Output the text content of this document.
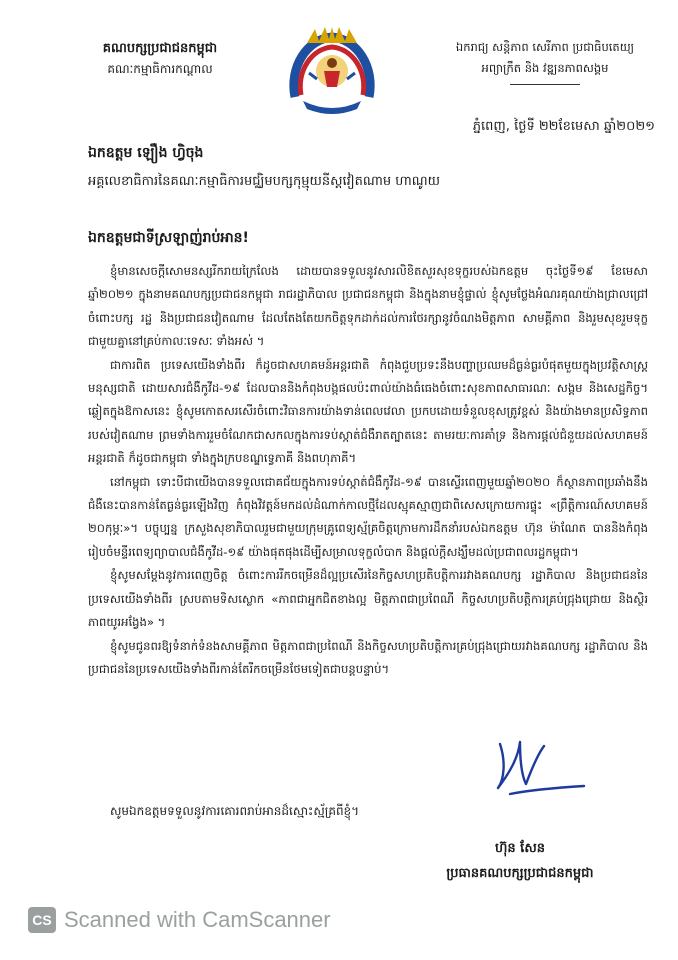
គណបក្សប្រជាជនកម្ពុជា
គណៈកម្មាធិការកណ្ដាល
ឯករាជ្យ សន្តិភាព សេរីភាព ប្រជាធិបតេយ្យ
អព្យាក្រឹត និង វឌ្ឍនភាពសង្គម
ភ្នំពេញ, ថ្ងៃទី ២២ខែមេសា ឆ្នាំ២០២១
ឯកឧត្តម ឡឿង ហ្វិចុង
អគ្គលេខាធិការនៃគណៈកម្មាធិការមជ្ឈិមបក្សកុម្មុយនីស្តវៀតណាម ហាណូយ
ឯកឧត្តមជាទីស្រឡាញ់រាប់អាន!

ខ្ញុំមានសេចក្តីសោមនស្សរីករាយក្រៃលែង ដោយបានទទួលនូវសារលិខិតសួរសុខទុក្ខរបស់ឯកឧត្តម ចុះថ្ងៃទី១៩ ខែមេសា ឆ្នាំ២០២១ ក្នុងនាមគណបក្សប្រជាជនកម្ពុជា រាជរដ្ឋាភិបាល ប្រជាជនកម្ពុជា និងក្នុងនាមខ្ញុំផ្ទាល់ ខ្ញុំសូមថ្លែងអំណរគុណយ៉ាងជ្រាលជ្រៅចំពោះបក្ស រដ្ឋ និងប្រជាជនវៀតណាម ដែលតែងតែយកចិត្តទុកដាក់ដល់ការថែរក្សានូវចំណងមិត្តភាព សាមគ្គីភាព និងរួមសុខរួមទុក្ខជាមួយគ្នានៅគ្រប់កាលៈទេសៈ ទាំងអស់ ។

ជាការពិត ប្រទេសយើងទាំងពីរ ក៏ដូចជាសហគមន៍អន្តរជាតិ កំពុងជួបប្រទះនឹងបញ្ហាប្រឈមដ៏ធ្ងន់ធ្ងរបំផុតមួយក្នុងប្រវត្តិសាស្ត្រមនុស្សជាតិ ដោយសារជំងឺកូវីដ-១៩ ដែលបាននិងកំពុងបង្កផលប៉ះពាល់យ៉ាងធំធេងចំពោះសុខភាពសាធារណៈ សង្គម និងសេដ្ឋកិច្ច។ ឆ្លៀតក្នុងឱកាសនេះ ខ្ញុំសូមកោតសរសើរចំពោះវិធានការយ៉ាងទាន់ពេលវេលា ប្រកបដោយទំនួលខុសត្រូវខ្ពស់ និងយ៉ាងមានប្រសិទ្ធភាពរបស់វៀតណាម ព្រមទាំងការរួមចំណែកជាសកលក្នុងការទប់ស្កាត់ជំងឺរាតត្បាតនេះ តាមរយៈការគាំទ្រ និងការផ្តល់ជំនួយដល់សហគមន៍អន្តរជាតិ ក៏ដូចជាកម្ពុជា ទាំងក្នុងក្របខណ្ឌទ្វេភាគី និងពហុភាគី។

នៅកម្ពុជា ទោះបីជាយើងបានទទួលជោគជ័យក្នុងការទប់ស្កាត់ជំងឺកូវីដ-១៩ បានស្ទើរពេញមួយឆ្នាំ២០២០ ក៏ស្ថានភាពប្រឆាំងនឹងជំងឺនេះបានកាន់តែធ្ងន់ធ្ងរឡើងវិញ កំពុងវិវត្តន៍មកដល់ដំណាក់កាលថ្មីដែលស្មុគស្មាញជាពិសេសក្រោយការផ្ទុះ «ព្រឹត្តិការណ៍សហគមន៍ ២០កុម្ភៈ»។ បច្ចុប្បន្ន ក្រសួងសុខាភិបាលរួមជាមួយក្រុមគ្រូពេទ្យស្ម័គ្រចិត្តក្រោមការដឹកនាំរបស់ឯកឧត្តម ហ៊ុន ម៉ាណែត បាននិងកំពុងរៀបចំមន្ទីរពេទ្យព្យាបាលជំងឺកូវីដ-១៩ យ៉ាងផុតផុងដើម្បីសម្រាលទុក្ខលំបាក និងផ្តល់ក្តីសង្ឃឹមដល់ប្រជាពលរដ្ឋកម្ពុជា។

ខ្ញុំសូមសម្តែងនូវការពេញចិត្ត ចំពោះការរីកចម្រើនដ៏ល្អប្រសើរនៃកិច្ចសហប្រតិបត្តិការរវាងគណបក្ស រដ្ឋាភិបាល និងប្រជាជននៃប្រទេសយើងទាំងពីរ ស្របតាមទិសស្លោក «ភាពជាអ្នកជិតខាងល្អ មិត្តភាពជាប្រពៃណី កិច្ចសហប្រតិបត្តិការគ្រប់ជ្រុងជ្រោយ និងស្ថិរភាពយូរអង្វែង» ។

ខ្ញុំសូមជូនពរឱ្យទំនាក់ទំនងសាមគ្គីភាព មិត្តភាពជាប្រពៃណី និងកិច្ចសហប្រតិបត្តិការគ្រប់ជ្រុងជ្រោយរវាងគណបក្ស រដ្ឋាភិបាល និងប្រជាជននៃប្រទេសយើងទាំងពីរកាន់តែរីកចម្រើនថែមទៀតជាបន្តបន្ទាប់។

សូមឯកឧត្តមទទួលនូវការគោរពរាប់អានដ៏ស្មោះស្ម័គ្រពីខ្ញុំ។
ហ៊ុន សែន
ប្រធានគណបក្សប្រជាជនកម្ពុជា
CS Scanned with CamScanner
